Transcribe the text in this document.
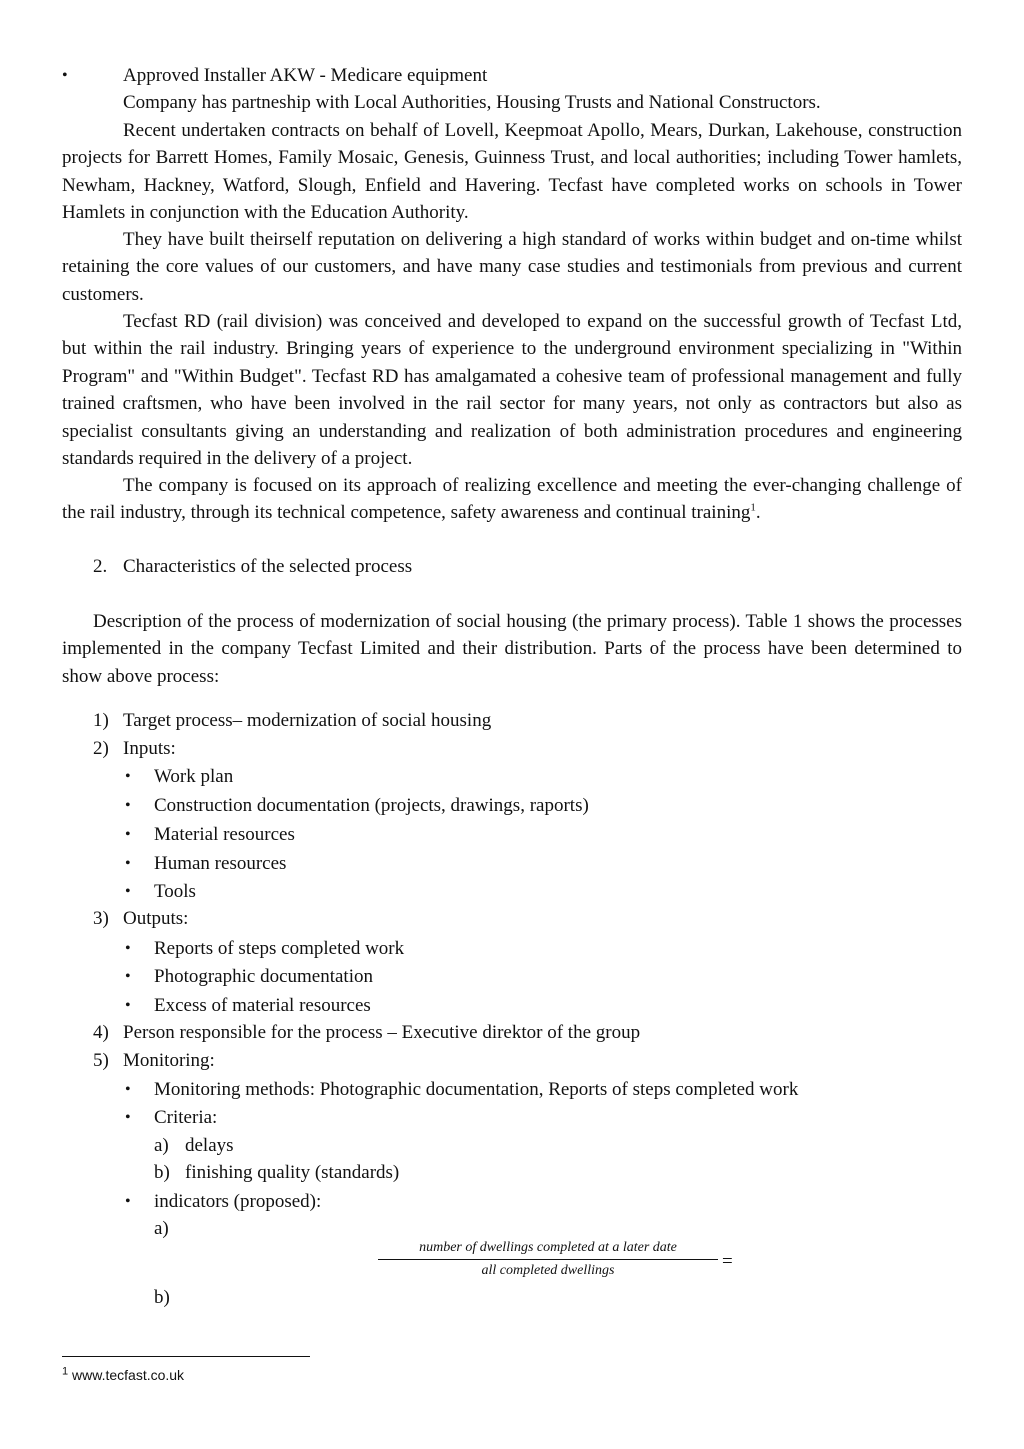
•	Approved Installer AKW - Medicare equipment

Company has partneship with Local Authorities, Housing Trusts and National Constructors.

Recent undertaken contracts on behalf of Lovell, Keepmoat Apollo, Mears, Durkan, Lakehouse, construction projects for Barrett Homes, Family Mosaic, Genesis, Guinness Trust, and local authorities; including Tower hamlets, Newham, Hackney, Watford, Slough, Enfield and Havering. Tecfast have completed works on schools in Tower Hamlets in conjunction with the Education Authority.

They have built theirself reputation on delivering a high standard of works within budget and on-time whilst retaining the core values of our customers, and have many case studies and testimonials from previous and current customers.

Tecfast RD (rail division) was conceived and developed to expand on the successful growth of Tecfast Ltd, but within the rail industry. Bringing years of experience to the underground environment specializing in "Within Program" and "Within Budget". Tecfast RD has amalgamated a cohesive team of professional management and fully trained craftsmen, who have been involved in the rail sector for many years, not only as contractors but also as specialist consultants giving an understanding and realization of both administration procedures and engineering standards required in the delivery of a project.

The company is focused on its approach of realizing excellence and meeting the ever-changing challenge of the rail industry, through its technical competence, safety awareness and continual training$^1$.

2. Characteristics of the selected process

Description of the process of modernization of social housing (the primary process). Table 1 shows the processes implemented in the company Tecfast Limited and their distribution. Parts of the process have been determined to show above process:

1) Target process– modernization of social housing

2) Inputs:

• Work plan

• Construction documentation (projects, drawings, raports)

• Material resources

• Human resources

• Tools

3) Outputs:

• Reports of steps completed work

• Photographic documentation

• Excess of material resources

4) Person responsible for the process – Executive direktor of the group

5) Monitoring:

• Monitoring methods: Photographic documentation, Reports of steps completed work

• Criteria:

a) delays

b) finishing quality (standards)

• indicators (proposed):

a)

number of dwellings completed at a later date
all completed dwellings	=

b)

$^1$ www.tecfast.co.uk
